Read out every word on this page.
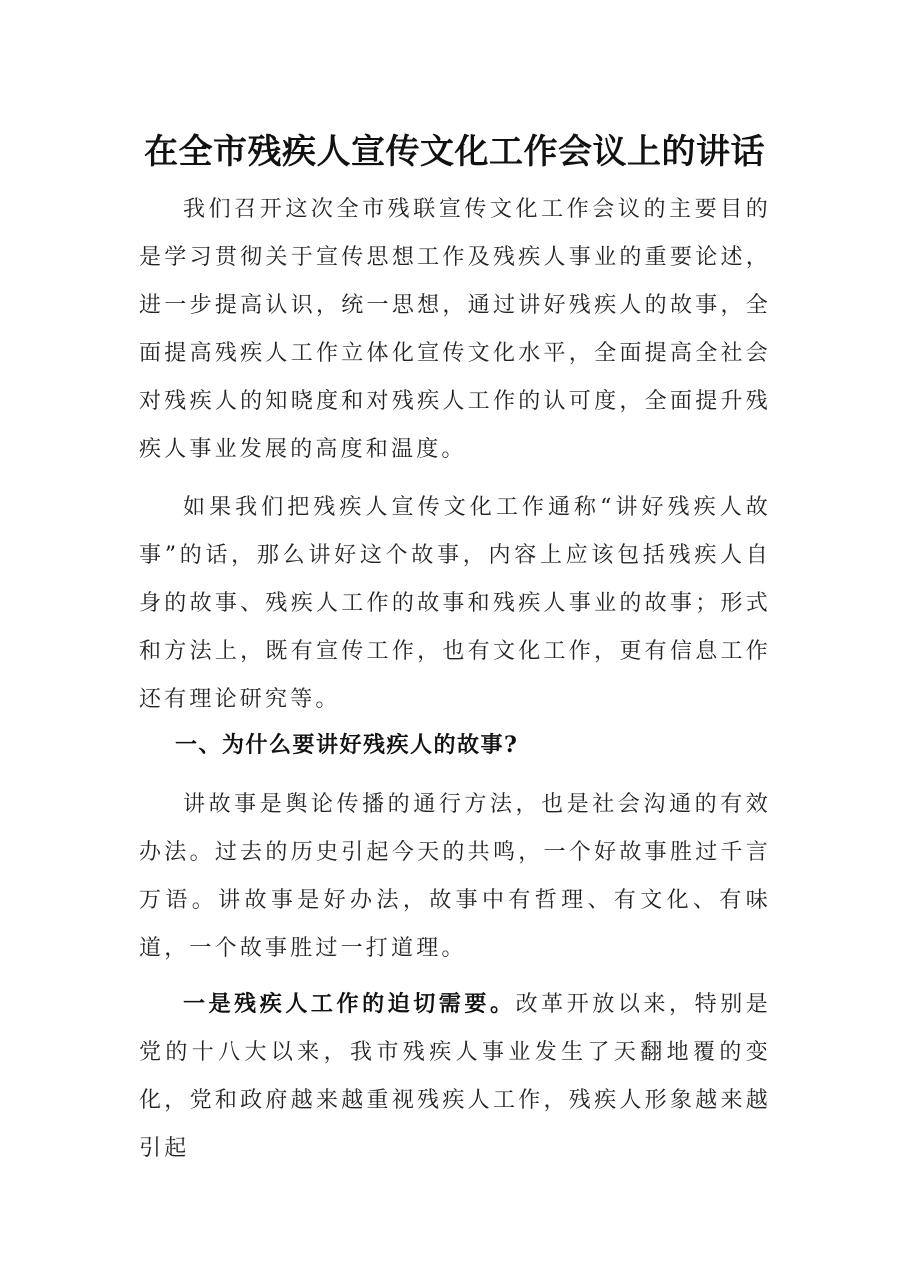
在全市残疾人宣传文化工作会议上的讲话

我们召开这次全市残联宣传文化工作会议的主要目的是学习贯彻关于宣传思想工作及残疾人事业的重要论述，进一步提高认识，统一思想，通过讲好残疾人的故事，全面提高残疾人工作立体化宣传文化水平，全面提高全社会对残疾人的知晓度和对残疾人工作的认可度，全面提升残疾人事业发展的高度和温度。

如果我们把残疾人宣传文化工作通称“讲好残疾人故事”的话，那么讲好这个故事，内容上应该包括残疾人自身的故事、残疾人工作的故事和残疾人事业的故事；形式和方法上，既有宣传工作，也有文化工作，更有信息工作还有理论研究等。

一、为什么要讲好残疾人的故事?

讲故事是舆论传播的通行方法，也是社会沟通的有效办法。过去的历史引起今天的共鸣，一个好故事胜过千言万语。讲故事是好办法，故事中有哲理、有文化、有味道，一个故事胜过一打道理。

一是残疾人工作的迫切需要。改革开放以来，特别是党的十八大以来，我市残疾人事业发生了天翻地覆的变化，党和政府越来越重视残疾人工作，残疾人形象越来越引起
